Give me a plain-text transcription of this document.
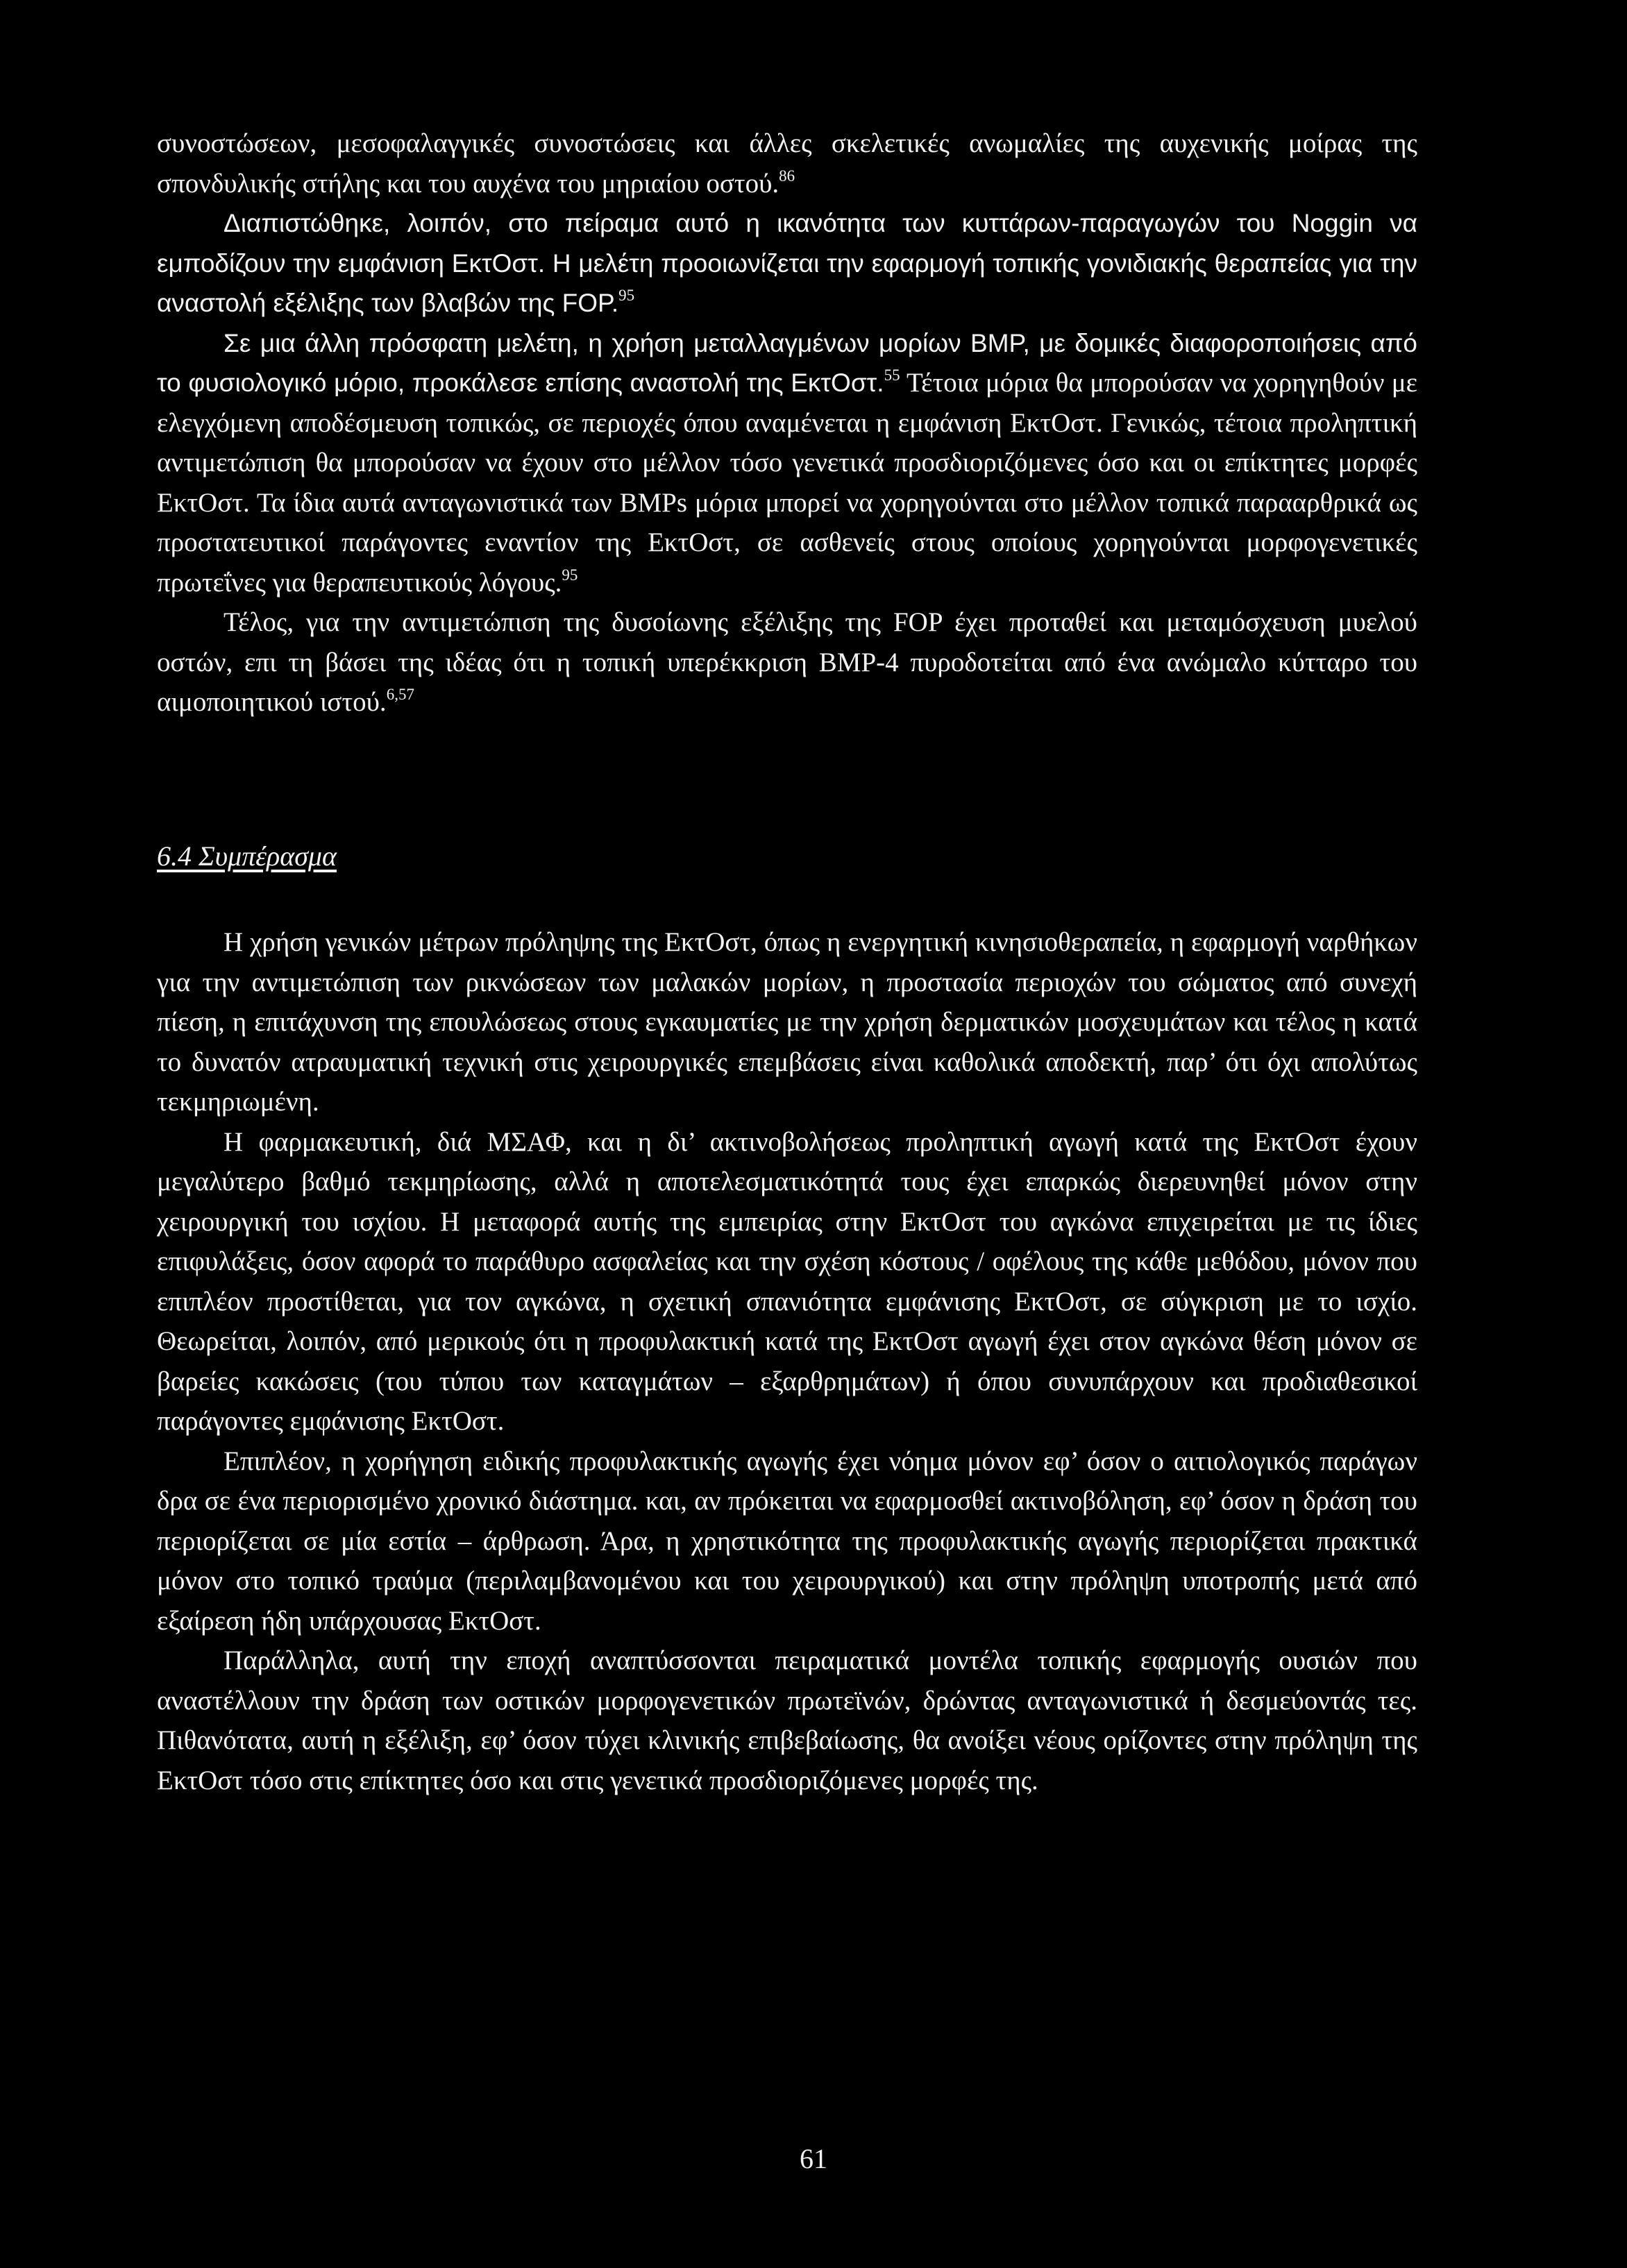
συνοστώσεων, μεσοφαλαγγικές συνοστώσεις και άλλες σκελετικές ανωμαλίες της αυχενικής μοίρας της σπονδυλικής στήλης και του αυχένα του μηριαίου οστού.$^{86}$

Διαπιστώθηκε, λοιπόν, στο πείραμα αυτό η ικανότητα των κυττάρων-παραγωγών του Noggin να εμποδίζουν την εμφάνιση ΕκτΟστ. Η μελέτη προοιωνίζεται την εφαρμογή τοπικής γονιδιακής θεραπείας για την αναστολή εξέλιξης των βλαβών της FOP.$^{95}$

Σε μια άλλη πρόσφατη μελέτη, η χρήση μεταλλαγμένων μορίων BMP, με δομικές διαφοροποιήσεις από το φυσιολογικό μόριο, προκάλεσε επίσης αναστολή της ΕκτΟστ.$^{55}$ Τέτοια μόρια θα μπορούσαν να χορηγηθούν με ελεγχόμενη αποδέσμευση τοπικώς, σε περιοχές όπου αναμένεται η εμφάνιση ΕκτΟστ. Γενικώς, τέτοια προληπτική αντιμετώπιση θα μπορούσαν να έχουν στο μέλλον τόσο γενετικά προσδιοριζόμενες όσο και οι επίκτητες μορφές ΕκτΟστ. Τα ίδια αυτά ανταγωνιστικά των BMPs μόρια μπορεί να χορηγούνται στο μέλλον τοπικά παρααρθρικά ως προστατευτικοί παράγοντες εναντίον της ΕκτΟστ, σε ασθενείς στους οποίους χορηγούνται μορφογενετικές πρωτεΐνες για θεραπευτικούς λόγους.$^{95}$

Τέλος, για την αντιμετώπιση της δυσοίωνης εξέλιξης της FOP έχει προταθεί και μεταμόσχευση μυελού οστών, επι τη βάσει της ιδέας ότι η τοπική υπερέκκριση BMP-4 πυροδοτείται από ένα ανώμαλο κύτταρο του αιμοποιητικού ιστού.$^{6,57}$

6.4 Συμπέρασμα

Η χρήση γενικών μέτρων πρόληψης της ΕκτΟστ, όπως η ενεργητική κινησιοθεραπεία, η εφαρμογή ναρθήκων για την αντιμετώπιση των ρικνώσεων των μαλακών μορίων, η προστασία περιοχών του σώματος από συνεχή πίεση, η επιτάχυνση της επουλώσεως στους εγκαυματίες με την χρήση δερματικών μοσχευμάτων και τέλος η κατά το δυνατόν ατραυματική τεχνική στις χειρουργικές επεμβάσεις είναι καθολικά αποδεκτή, παρ’ ότι όχι απολύτως τεκμηριωμένη.

Η φαρμακευτική, διά ΜΣΑΦ, και η δι’ ακτινοβολήσεως προληπτική αγωγή κατά της ΕκτΟστ έχουν μεγαλύτερο βαθμό τεκμηρίωσης, αλλά η αποτελεσματικότητά τους έχει επαρκώς διερευνηθεί μόνον στην χειρουργική του ισχίου. Η μεταφορά αυτής της εμπειρίας στην ΕκτΟστ του αγκώνα επιχειρείται με τις ίδιες επιφυλάξεις, όσον αφορά το παράθυρο ασφαλείας και την σχέση κόστους / οφέλους της κάθε μεθόδου, μόνον που επιπλέον προστίθεται, για τον αγκώνα, η σχετική σπανιότητα εμφάνισης ΕκτΟστ, σε σύγκριση με το ισχίο. Θεωρείται, λοιπόν, από μερικούς ότι η προφυλακτική κατά της ΕκτΟστ αγωγή έχει στον αγκώνα θέση μόνον σε βαρείες κακώσεις (του τύπου των καταγμάτων – εξαρθρημάτων) ή όπου συνυπάρχουν και προδιαθεσικοί παράγοντες εμφάνισης ΕκτΟστ.

Επιπλέον, η χορήγηση ειδικής προφυλακτικής αγωγής έχει νόημα μόνον εφ’ όσον ο αιτιολογικός παράγων δρα σε ένα περιορισμένο χρονικό διάστημα. και, αν πρόκειται να εφαρμοσθεί ακτινοβόληση, εφ’ όσον η δράση του περιορίζεται σε μία εστία – άρθρωση. Άρα, η χρηστικότητα της προφυλακτικής αγωγής περιορίζεται πρακτικά μόνον στο τοπικό τραύμα (περιλαμβανομένου και του χειρουργικού) και στην πρόληψη υποτροπής μετά από εξαίρεση ήδη υπάρχουσας ΕκτΟστ.

Παράλληλα, αυτή την εποχή αναπτύσσονται πειραματικά μοντέλα τοπικής εφαρμογής ουσιών που αναστέλλουν την δράση των οστικών μορφογενετικών πρωτεϊνών, δρώντας ανταγωνιστικά ή δεσμεύοντάς τες. Πιθανότατα, αυτή η εξέλιξη, εφ’ όσον τύχει κλινικής επιβεβαίωσης, θα ανοίξει νέους ορίζοντες στην πρόληψη της ΕκτΟστ τόσο στις επίκτητες όσο και στις γενετικά προσδιοριζόμενες μορφές της.

61
